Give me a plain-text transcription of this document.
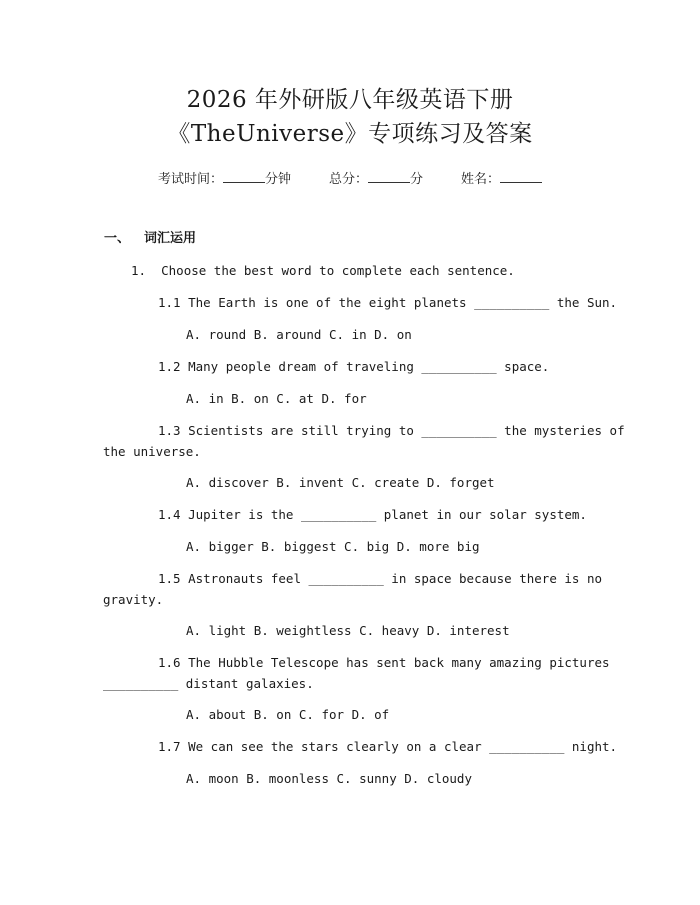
2026 年外研版八年级英语下册
《TheUniverse》专项练习及答案
考试时间：	分钟	总分：	分	姓名：
一、 词汇运用
1. Choose the best word to complete each sentence.
1.1 The Earth is one of the eight planets __________ the Sun.
A. round B. around C. in D. on
1.2 Many people dream of traveling __________ space.
A. in B. on C. at D. for
1.3 Scientists are still trying to __________ the mysteries of
the universe.
A. discover B. invent C. create D. forget
1.4 Jupiter is the __________ planet in our solar system.
A. bigger B. biggest C. big D. more big
1.5 Astronauts feel __________ in space because there is no
gravity.
A. light B. weightless C. heavy D. interest
1.6 The Hubble Telescope has sent back many amazing pictures
__________ distant galaxies.
A. about B. on C. for D. of
1.7 We can see the stars clearly on a clear __________ night.
A. moon B. moonless C. sunny D. cloudy
